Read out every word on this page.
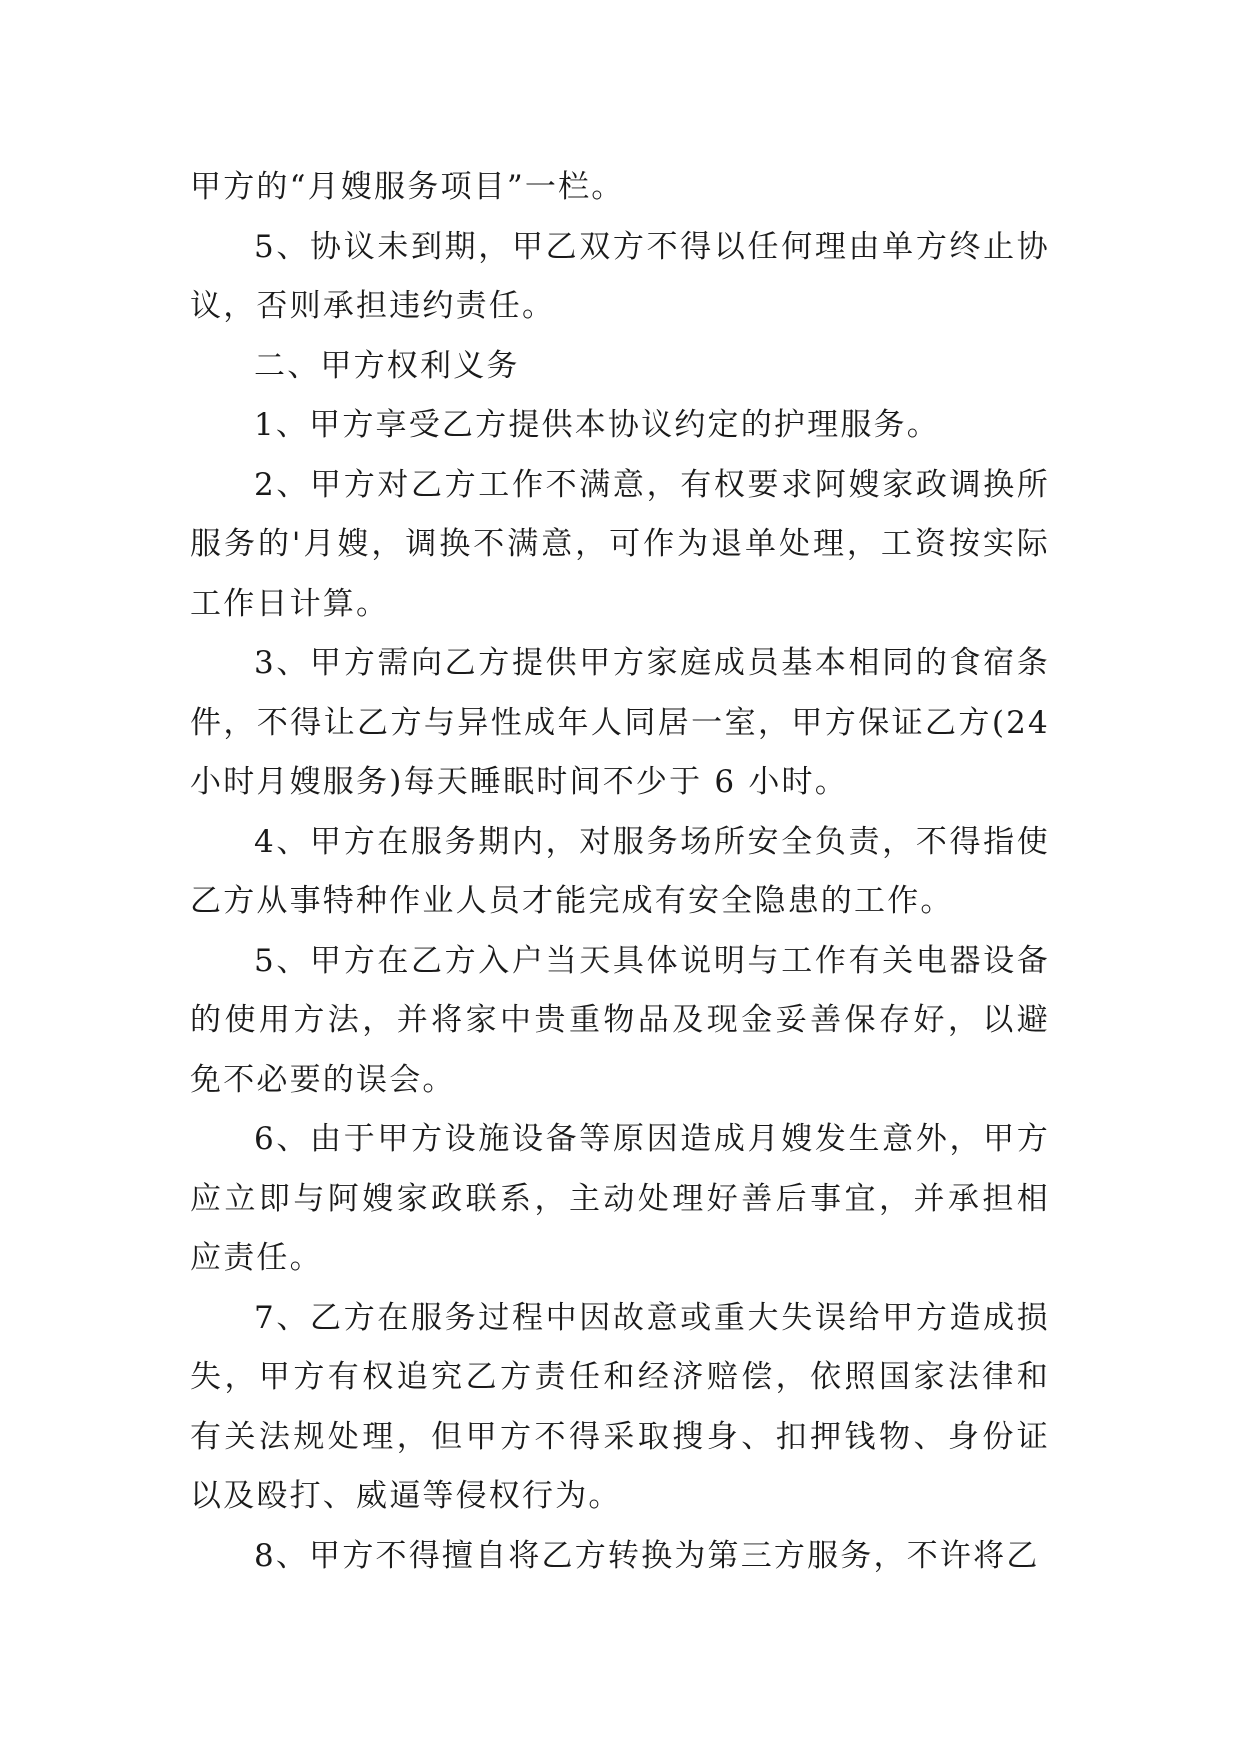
甲方的“月嫂服务项目”一栏。

5、协议未到期，甲乙双方不得以任何理由单方终止协议，否则承担违约责任。

二、甲方权利义务

1、甲方享受乙方提供本协议约定的护理服务。

2、甲方对乙方工作不满意，有权要求阿嫂家政调换所服务的'月嫂，调换不满意，可作为退单处理，工资按实际工作日计算。

3、甲方需向乙方提供甲方家庭成员基本相同的食宿条件，不得让乙方与异性成年人同居一室，甲方保证乙方(24小时月嫂服务)每天睡眠时间不少于 6 小时。

4、甲方在服务期内，对服务场所安全负责，不得指使乙方从事特种作业人员才能完成有安全隐患的工作。

5、甲方在乙方入户当天具体说明与工作有关电器设备的使用方法，并将家中贵重物品及现金妥善保存好，以避免不必要的误会。

6、由于甲方设施设备等原因造成月嫂发生意外，甲方应立即与阿嫂家政联系，主动处理好善后事宜，并承担相应责任。

7、乙方在服务过程中因故意或重大失误给甲方造成损失，甲方有权追究乙方责任和经济赔偿，依照国家法律和有关法规处理，但甲方不得采取搜身、扣押钱物、身份证以及殴打、威逼等侵权行为。

8、甲方不得擅自将乙方转换为第三方服务，不许将乙
